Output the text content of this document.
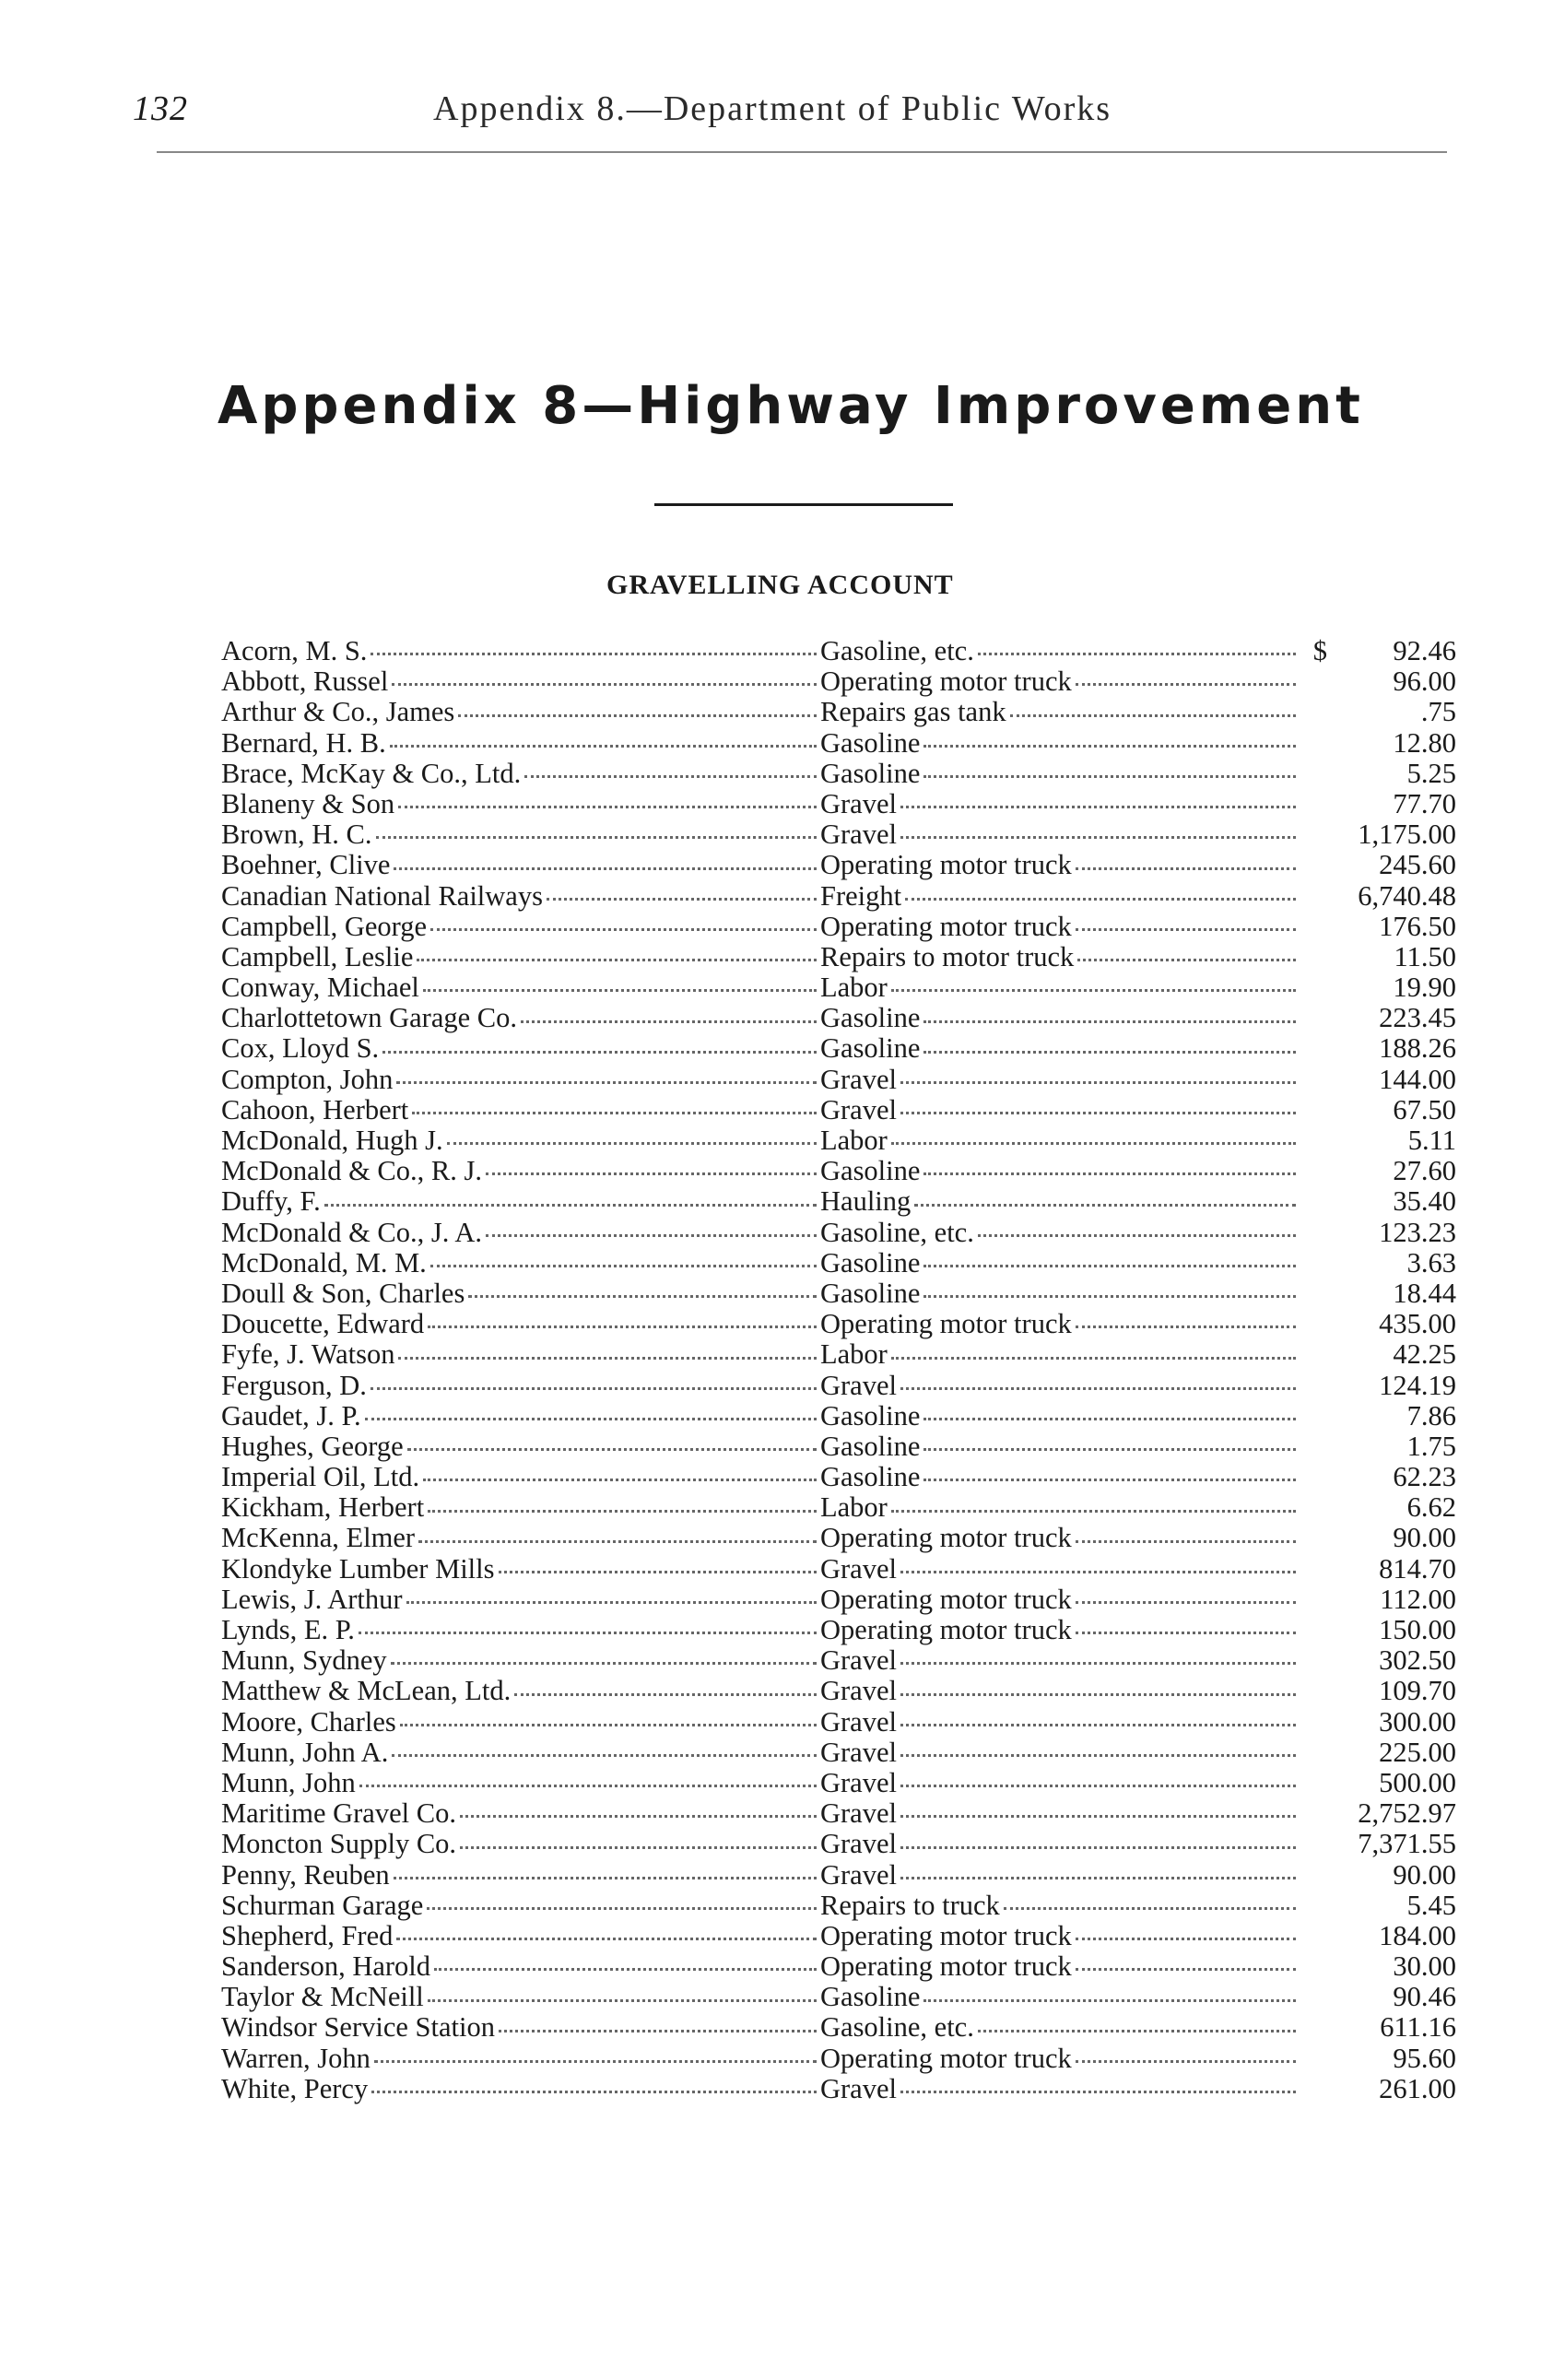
132	Appendix 8.—Department of Public Works
Appendix 8—Highway Improvement
GRAVELLING ACCOUNT
Acorn, M. S.	Gasoline, etc.	$	92.46
Abbott, Russel	Operating motor truck	96.00
Arthur & Co., James	Repairs gas tank	.75
Bernard, H. B.	Gasoline	12.80
Brace, McKay & Co., Ltd.	Gasoline	5.25
Blaneny & Son	Gravel	77.70
Brown, H. C.	Gravel	1,175.00
Boehner, Clive	Operating motor truck	245.60
Canadian National Railways	Freight	6,740.48
Campbell, George	Operating motor truck	176.50
Campbell, Leslie	Repairs to motor truck	11.50
Conway, Michael	Labor	19.90
Charlottetown Garage Co.	Gasoline	223.45
Cox, Lloyd S.	Gasoline	188.26
Compton, John	Gravel	144.00
Cahoon, Herbert	Gravel	67.50
McDonald, Hugh J.	Labor	5.11
McDonald & Co., R. J.	Gasoline	27.60
Duffy, F.	Hauling	35.40
McDonald & Co., J. A.	Gasoline, etc.	123.23
McDonald, M. M.	Gasoline	3.63
Doull & Son, Charles	Gasoline	18.44
Doucette, Edward	Operating motor truck	435.00
Fyfe, J. Watson	Labor	42.25
Ferguson, D.	Gravel	124.19
Gaudet, J. P.	Gasoline	7.86
Hughes, George	Gasoline	1.75
Imperial Oil, Ltd.	Gasoline	62.23
Kickham, Herbert	Labor	6.62
McKenna, Elmer	Operating motor truck	90.00
Klondyke Lumber Mills	Gravel	814.70
Lewis, J. Arthur	Operating motor truck	112.00
Lynds, E. P.	Operating motor truck	150.00
Munn, Sydney	Gravel	302.50
Matthew & McLean, Ltd.	Gravel	109.70
Moore, Charles	Gravel	300.00
Munn, John A.	Gravel	225.00
Munn, John	Gravel	500.00
Maritime Gravel Co.	Gravel	2,752.97
Moncton Supply Co.	Gravel	7,371.55
Penny, Reuben	Gravel	90.00
Schurman Garage	Repairs to truck	5.45
Shepherd, Fred	Operating motor truck	184.00
Sanderson, Harold	Operating motor truck	30.00
Taylor & McNeill	Gasoline	90.46
Windsor Service Station	Gasoline, etc.	611.16
Warren, John	Operating motor truck	95.60
White, Percy	Gravel	261.00
